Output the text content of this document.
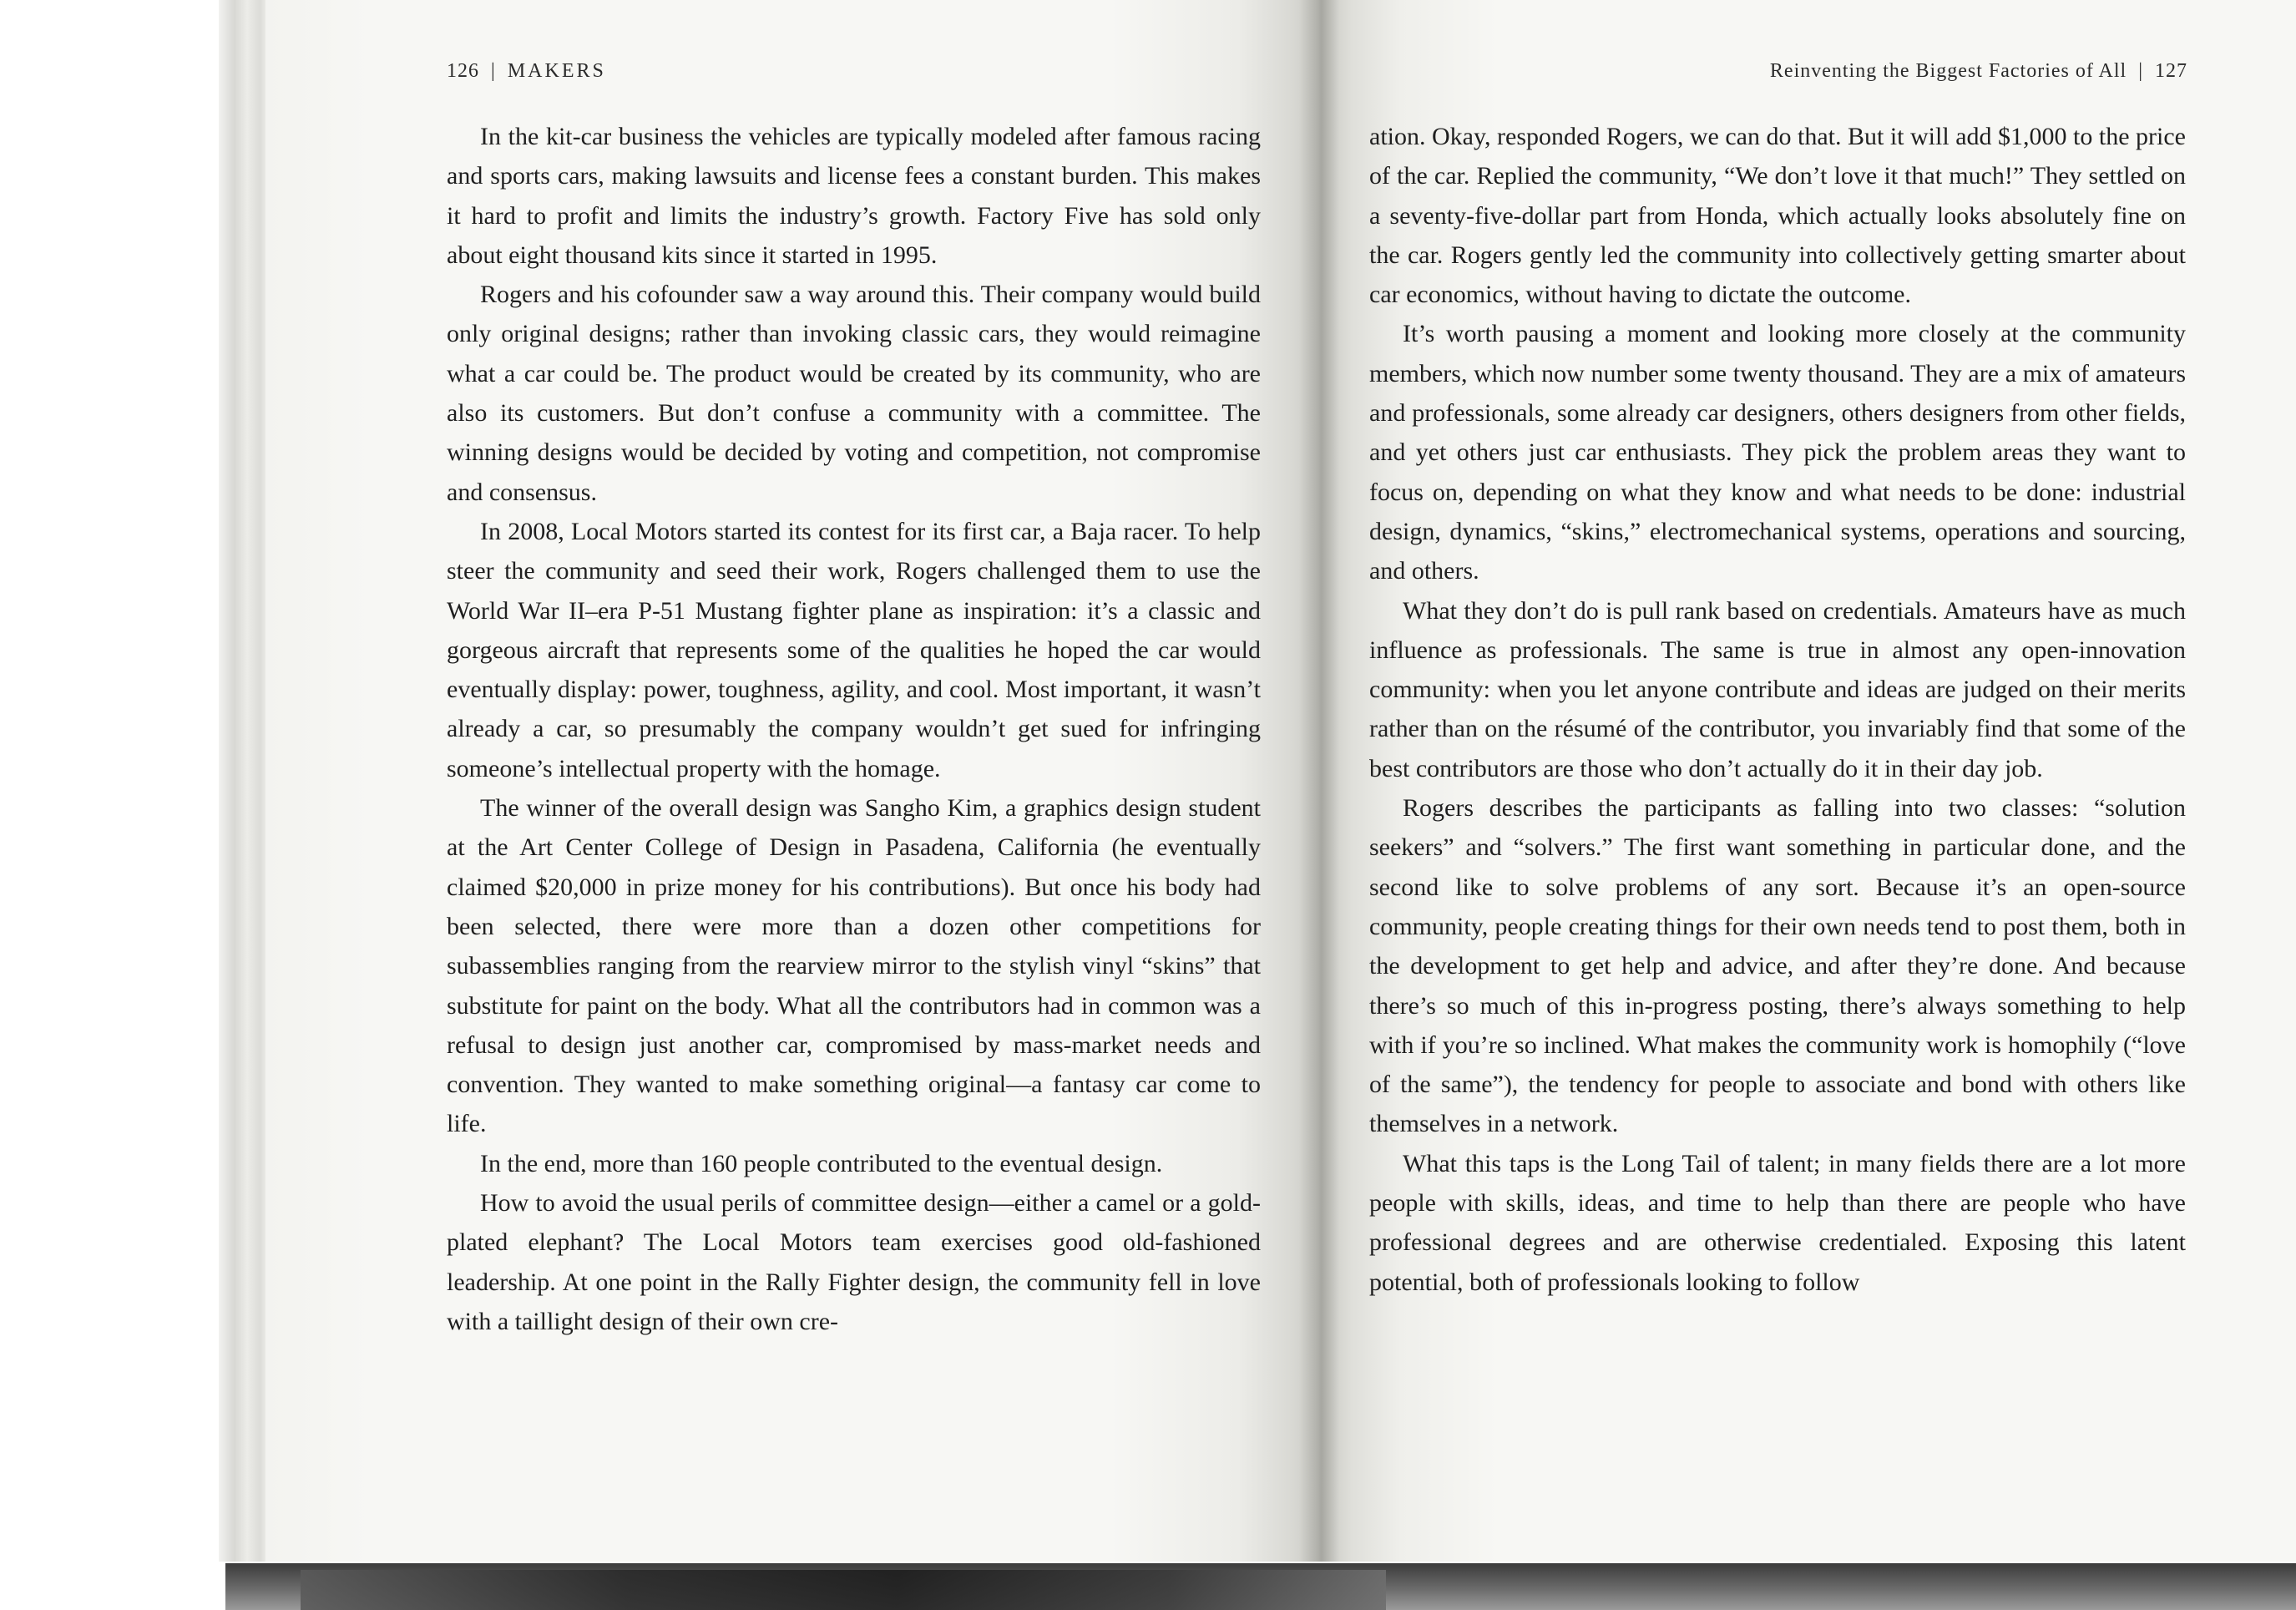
126 | MAKERS	Reinventing the Biggest Factories of All | 127

In the kit-car business the vehicles are typically modeled after famous racing and sports cars, making lawsuits and license fees a constant burden. This makes it hard to profit and limits the industry’s growth. Factory Five has sold only about eight thousand kits since it started in 1995.

Rogers and his cofounder saw a way around this. Their company would build only original designs; rather than invoking classic cars, they would reimagine what a car could be. The product would be created by its community, who are also its customers. But don’t confuse a community with a committee. The winning designs would be decided by voting and competition, not compromise and consensus.

In 2008, Local Motors started its contest for its first car, a Baja racer. To help steer the community and seed their work, Rogers challenged them to use the World War II–era P-51 Mustang fighter plane as inspiration: it’s a classic and gorgeous aircraft that represents some of the qualities he hoped the car would eventually display: power, toughness, agility, and cool. Most important, it wasn’t already a car, so presumably the company wouldn’t get sued for infringing someone’s intellectual property with the homage.

The winner of the overall design was Sangho Kim, a graphics design student at the Art Center College of Design in Pasadena, California (he eventually claimed $20,000 in prize money for his contributions). But once his body had been selected, there were more than a dozen other competitions for subassemblies ranging from the rearview mirror to the stylish vinyl “skins” that substitute for paint on the body. What all the contributors had in common was a refusal to design just another car, compromised by mass-market needs and convention. They wanted to make something original—a fantasy car come to life.

In the end, more than 160 people contributed to the eventual design.

How to avoid the usual perils of committee design—either a camel or a gold-plated elephant? The Local Motors team exercises good old-fashioned leadership. At one point in the Rally Fighter design, the community fell in love with a taillight design of their own cre-

ation. Okay, responded Rogers, we can do that. But it will add $1,000 to the price of the car. Replied the community, “We don’t love it that much!” They settled on a seventy-five-dollar part from Honda, which actually looks absolutely fine on the car. Rogers gently led the community into collectively getting smarter about car economics, without having to dictate the outcome.

It’s worth pausing a moment and looking more closely at the community members, which now number some twenty thousand. They are a mix of amateurs and professionals, some already car designers, others designers from other fields, and yet others just car enthusiasts. They pick the problem areas they want to focus on, depending on what they know and what needs to be done: industrial design, dynamics, “skins,” electromechanical systems, operations and sourcing, and others.

What they don’t do is pull rank based on credentials. Amateurs have as much influence as professionals. The same is true in almost any open-innovation community: when you let anyone contribute and ideas are judged on their merits rather than on the résumé of the contributor, you invariably find that some of the best contributors are those who don’t actually do it in their day job.

Rogers describes the participants as falling into two classes: “solution seekers” and “solvers.” The first want something in particular done, and the second like to solve problems of any sort. Because it’s an open-source community, people creating things for their own needs tend to post them, both in the development to get help and advice, and after they’re done. And because there’s so much of this in-progress posting, there’s always something to help with if you’re so inclined. What makes the community work is homophily (“love of the same”), the tendency for people to associate and bond with others like themselves in a network.

What this taps is the Long Tail of talent; in many fields there are a lot more people with skills, ideas, and time to help than there are people who have professional degrees and are otherwise credentialed. Exposing this latent potential, both of professionals looking to follow
